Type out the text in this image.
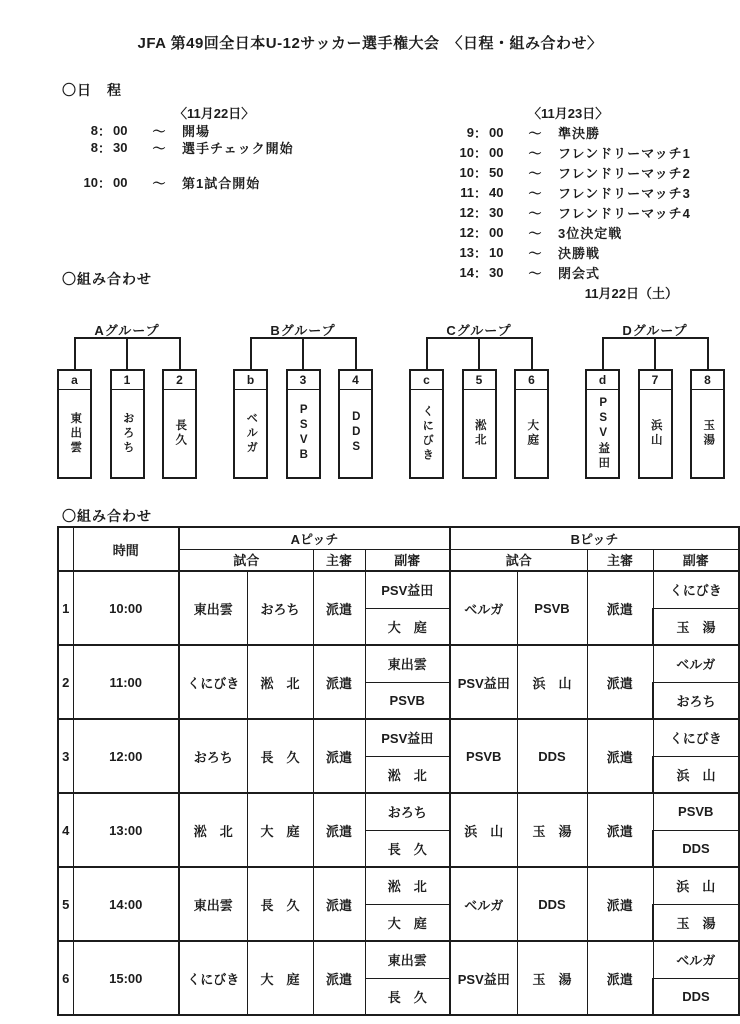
JFA 第49回全日本U-12サッカー選手権大会　〈日程・組み合わせ〉
〇日　程
〈11月22日〉
8 ： 00	～	開場
8 ： 30	～	選手チェック開始
10 ： 00	～	第1試合開始
〈11月23日〉
9 ： 00	～	準決勝
10 ： 00	～	フレンドリーマッチ1
10 ： 50	～	フレンドリーマッチ2
11 ： 40	～	フレンドリーマッチ3
12 ： 30	～	フレンドリーマッチ4
12 ： 00	～	3位決定戦
13 ： 10	～	決勝戦
14 ： 30	～	閉会式
〇組み合わせ
11月22日（土）
Aグループ
a
東出雲
1
おろち
2
長久
Bグループ
b
ベルガ
3
PSVB
4
DDS
Cグループ
c
くにびき
5
淞北
6
大庭
Dグループ
d
PSV益田
7
浜山
8
玉湯
〇組み合わせ
	時間	Aピッチ				Bピッチ			
		試合		主審	副審	試合		主審	副審
1	10:00	東出雲	おろち	派遣	PSV益田	ベルガ	PSVB	派遣	くにびき
					大　庭				玉　湯
2	11:00	くにびき	淞　北	派遣	東出雲	PSV益田	浜　山	派遣	ベルガ
					PSVB				おろち
3	12:00	おろち	長　久	派遣	PSV益田	PSVB	DDS	派遣	くにびき
					淞　北				浜　山
4	13:00	淞　北	大　庭	派遣	おろち	浜　山	玉　湯	派遣	PSVB
					長　久				DDS
5	14:00	東出雲	長　久	派遣	淞　北	ベルガ	DDS	派遣	浜　山
					大　庭				玉　湯
6	15:00	くにびき	大　庭	派遣	東出雲	PSV益田	玉　湯	派遣	ベルガ
					長　久				DDS
